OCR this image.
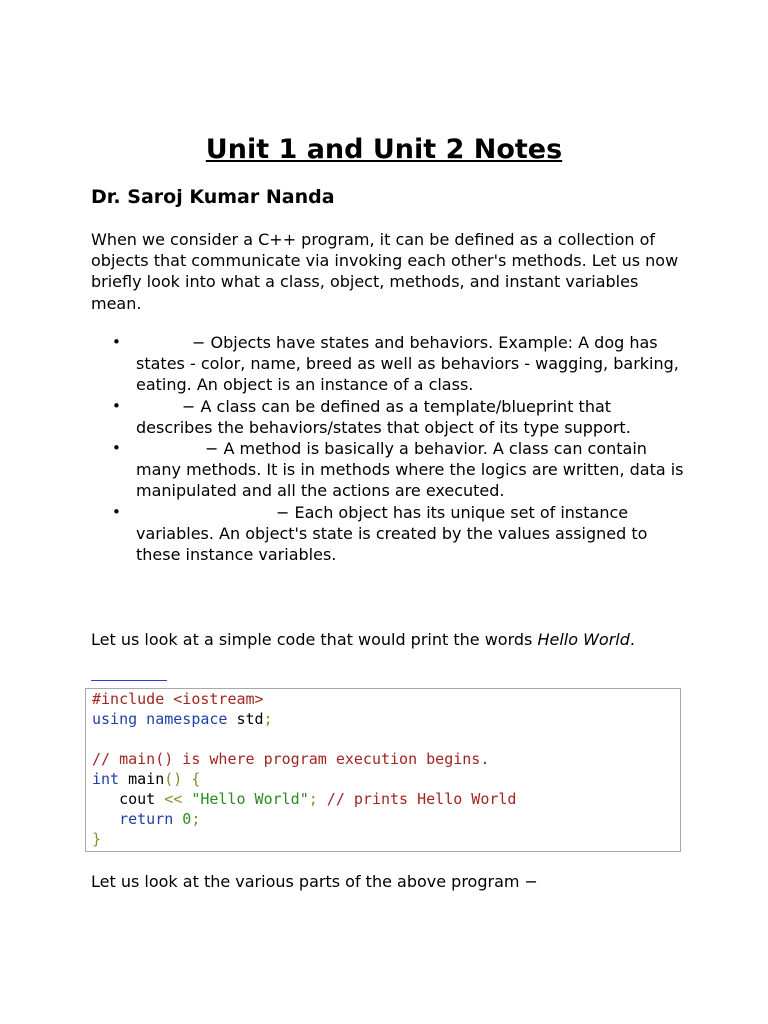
Unit 1 and Unit 2 Notes
Dr. Saroj Kumar Nanda

When we consider a C++ program, it can be defined as a collection of objects that communicate via invoking each other's methods. Let us now briefly look into what a class, object, methods, and instant variables mean.

•	− Objects have states and behaviors. Example: A dog has states - color, name, breed as well as behaviors - wagging, barking, eating. An object is an instance of a class.

•	− A class can be defined as a template/blueprint that describes the behaviors/states that object of its type support.

•	− A method is basically a behavior. A class can contain many methods. It is in methods where the logics are written, data is manipulated and all the actions are executed.

•	− Each object has its unique set of instance variables. An object's state is created by the values assigned to these instance variables.

Let us look at a simple code that would print the words Hello World.

#include <iostream>
using namespace std;
// main() is where program execution begins.
int main() {
cout << "Hello World"; // prints Hello World
return 0;
}

Let us look at the various parts of the above program −
